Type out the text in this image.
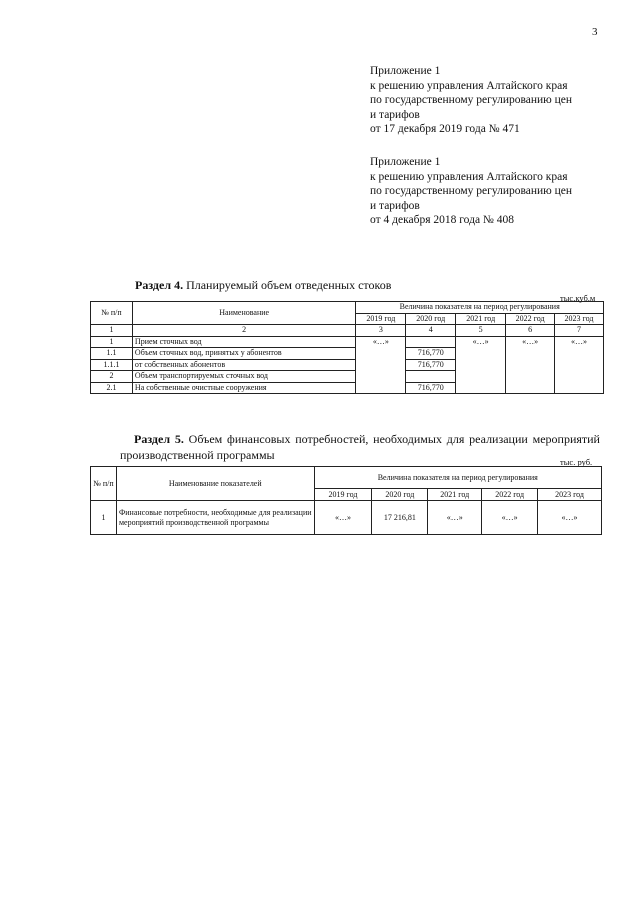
3
Приложение 1
к решению управления Алтайского края
по государственному регулированию цен
и тарифов
от 17 декабря 2019 года № 471
Приложение 1
к решению управления Алтайского края
по государственному регулированию цен
и тарифов
от 4 декабря 2018 года № 408
Раздел 4. Планируемый объем отведенных стоков
тыс.куб.м
№ п/п	Наименование	Величина показателя на период регулирования				
		2019 год	2020 год	2021 год	2022 год	2023 год
1	2	3	4	5	6	7
1	Прием сточных вод	«…»		«…»	«…»	«…»
1.1	Объем сточных вод, принятых у абонентов		716,770			
1.1.1	от собственных абонентов		716,770			
2	Объем транспортируемых сточных вод					
2.1	На собственные очистные сооружения		716,770			
Раздел 5. Объем финансовых потребностей, необходимых для реализации мероприятий производственной программы	тыс. руб.
№ п/п	Наименование показателей	Величина показателя на период регулирования				
		2019 год	2020 год	2021 год	2022 год	2023 год
1	Финансовые потребности, необходимые для реализации мероприятий производственной программы	«…»	17 216,81	«…»	«…»	«…»
